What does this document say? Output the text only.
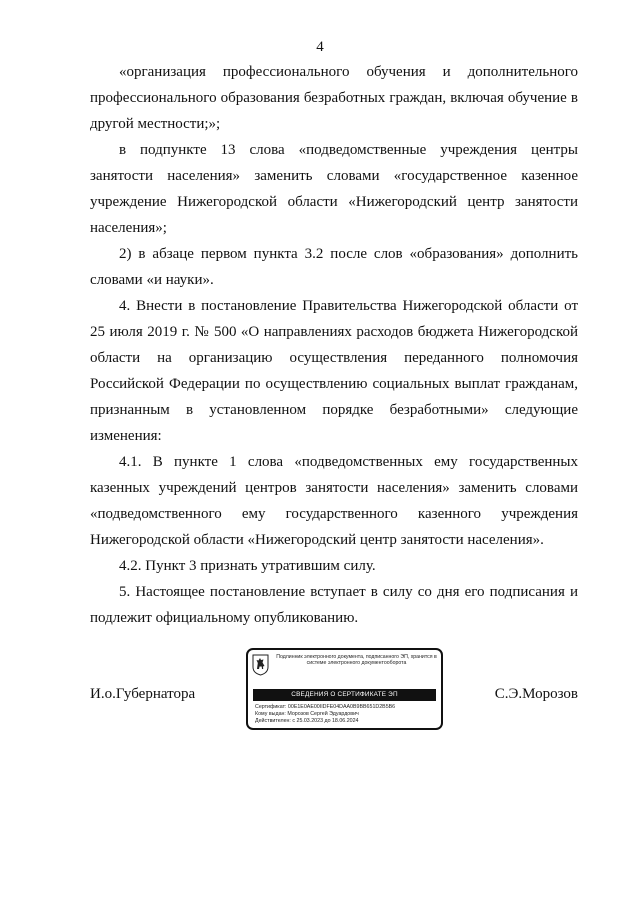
4

«организация профессионального обучения и дополнительного профессионального образования безработных граждан, включая обучение в другой местности;»;

в подпункте 13 слова «подведомственные учреждения центры занятости населения» заменить словами «государственное казенное учреждение Нижегородской области «Нижегородский центр занятости населения»;

2) в абзаце первом пункта 3.2 после слов «образования» дополнить словами «и науки».

4. Внести в постановление Правительства Нижегородской области от 25 июля 2019 г. № 500 «О направлениях расходов бюджета Нижегородской области на организацию осуществления переданного полномочия Российской Федерации по осуществлению социальных выплат гражданам, признанным в установленном порядке безработными» следующие изменения:

4.1. В пункте 1 слова «подведомственных ему государственных казенных учреждений центров занятости населения» заменить словами «подведомственного ему государственного казенного учреждения Нижегородской области «Нижегородский центр занятости населения».

4.2. Пункт 3 признать утратившим силу.

5. Настоящее постановление вступает в силу со дня его подписания и подлежит официальному опубликованию.

И.о.Губернатора
Подлинник электронного документа, подписанного ЭП, хранится в системе электронного документооборота
СВЕДЕНИЯ О СЕРТИФИКАТЕ ЭП
Сертификат: 00E1E0AE00IIDFE04DAA0B9BB651D2B5B6
Кому выдан: Морозов Сергей Эдуардович
Действителен: с 25.03.2023 до 18.06.2024
С.Э.Морозов
